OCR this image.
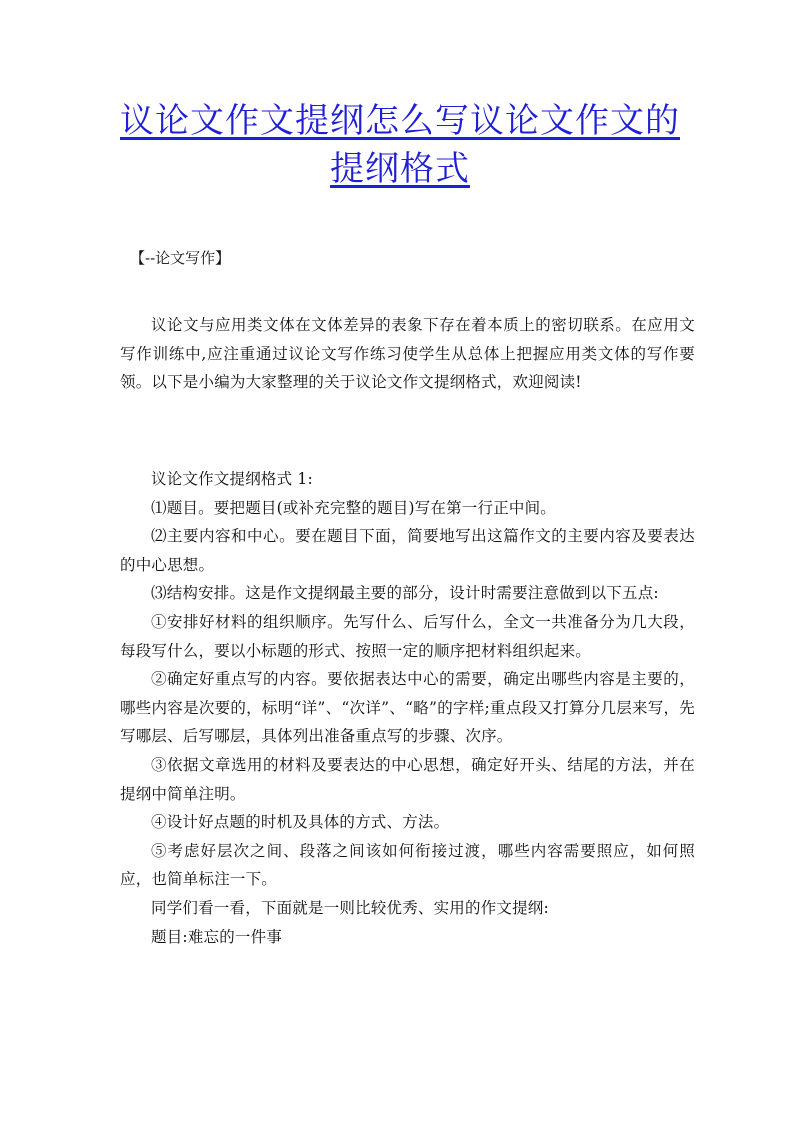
议论文作文提纲怎么写议论文作文的提纲格式
【--论文写作】

议论文与应用类文体在文体差异的表象下存在着本质上的密切联系。在应用文写作训练中,应注重通过议论文写作练习使学生从总体上把握应用类文体的写作要领。以下是小编为大家整理的关于议论文作文提纲格式，欢迎阅读!

议论文作文提纲格式 1:

⑴题目。要把题目(或补充完整的题目)写在第一行正中间。

⑵主要内容和中心。要在题目下面，简要地写出这篇作文的主要内容及要表达的中心思想。

⑶结构安排。这是作文提纲最主要的部分，设计时需要注意做到以下五点:

①安排好材料的组织顺序。先写什么、后写什么，全文一共准备分为几大段，每段写什么，要以小标题的形式、按照一定的顺序把材料组织起来。

②确定好重点写的内容。要依据表达中心的需要，确定出哪些内容是主要的，哪些内容是次要的，标明“详”、“次详”、“略”的字样;重点段又打算分几层来写，先写哪层、后写哪层，具体列出准备重点写的步骤、次序。

③依据文章选用的材料及要表达的中心思想，确定好开头、结尾的方法，并在提纲中简单注明。

④设计好点题的时机及具体的方式、方法。

⑤考虑好层次之间、段落之间该如何衔接过渡，哪些内容需要照应，如何照应，也简单标注一下。

同学们看一看，下面就是一则比较优秀、实用的作文提纲:

题目:难忘的一件事
